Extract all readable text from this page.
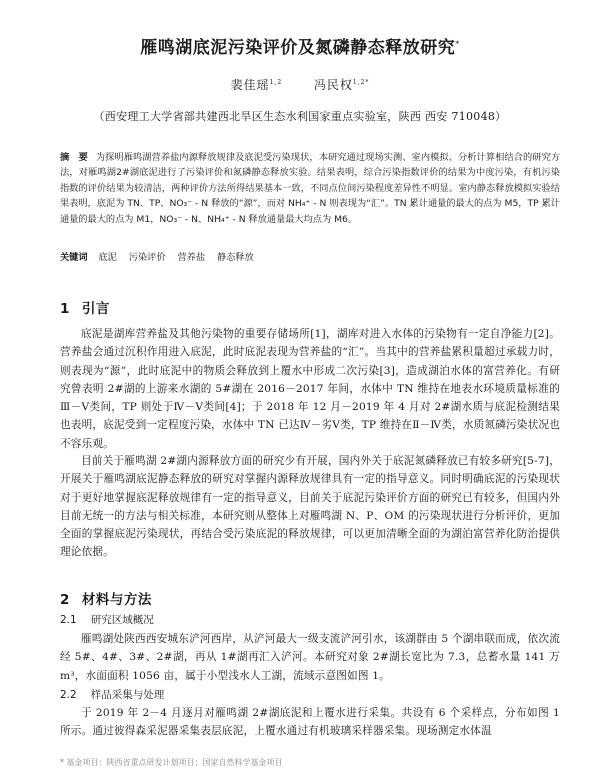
雁鸣湖底泥污染评价及氮磷静态释放研究*
裴佳瑶$^{1,2}$	冯民权$^{1,2*}$
（西安理工大学省部共建西北旱区生态水利国家重点实验室，陕西 西安 710048）
摘　要 为探明雁鸣湖营养盐内源释放规律及底泥受污染现状，本研究通过现场实测、室内模拟、分析计算相结合的研究方法，对雁鸣湖2#湖底泥进行了污染评价和氮磷静态释放实验。结果表明，综合污染指数评价的结果为中度污染，有机污染指数的评价结果为较清洁，两种评价方法所得结果基本一致，不同点位间污染程度差异性不明显。室内静态释放模拟实验结果表明，底泥为 TN、TP、NO₃⁻ - N 释放的“源”，而对 NH₄⁺ - N 则表现为“汇”。TN 累计通量的最大的点为 M5，TP 累计通量的最大的点为 M1，NO₃⁻ - N、NH₄⁺ - N 释放通量最大均点为 M6。
关键词 底泥 污染评价 营养盐 静态释放
1 引言
底泥是湖库营养盐及其他污染物的重要存储场所[1]，湖库对进入水体的污染物有一定自净能力[2]。营养盐会通过沉积作用进入底泥，此时底泥表现为营养盐的“汇”。当其中的营养盐累积量超过承载力时，则表现为“源”，此时底泥中的物质会释放到上覆水中形成二次污染[3]，造成湖泊水体的富营养化。有研究曾表明 2#湖的上游来水湖的 5#湖在 2016－2017 年间，水体中 TN 维持在地表水环境质量标准的Ⅲ－Ⅴ类间，TP 则处于Ⅳ－Ⅴ类间[4]；于 2018 年 12 月－2019 年 4 月对 2#湖水质与底泥检测结果也表明，底泥受到一定程度污染，水体中 TN 已达Ⅳ－劣Ⅴ类，TP 维持在Ⅱ－Ⅳ类，水质氮磷污染状况也不容乐观。
目前关于雁鸣湖 2#湖内源释放方面的研究少有开展，国内外关于底泥氮磷释放已有较多研究[5-7]，开展关于雁鸣湖底泥静态释放的研究对掌握内源释放规律具有一定的指导意义。同时明确底泥的污染现状对于更好地掌握底泥释放规律有一定的指导意义，目前关于底泥污染评价方面的研究已有较多，但国内外目前无统一的方法与相关标准，本研究则从整体上对雁鸣湖 N、P、OM 的污染现状进行分析评价，更加全面的掌握底泥污染现状，再结合受污染底泥的释放规律，可以更加清晰全面的为湖泊富营养化防治提供理论依据。
2 材料与方法
2.1 研究区域概况
雁鸣湖处陕西西安城东浐河西岸，从浐河最大一级支流浐河引水，该湖群由 5 个湖串联而成，依次流经 5#、4#、3#、2#湖，再从 1#湖再汇入浐河。本研究对象 2#湖长宽比为 7.3，总蓄水量 141 万 m³，水面面积 1056 亩，属于小型浅水人工湖，流域示意图如图 1。
2.2 样品采集与处理
于 2019 年 2－4 月逐月对雁鸣湖 2#湖底泥和上覆水进行采集。共设有 6 个采样点，分布如图 1 所示。通过彼得森采泥器采集表层底泥，上覆水通过有机玻璃采样器采集。现场测定水体温
* 基金项目：陕西省重点研发计划项目；国家自然科学基金项目
